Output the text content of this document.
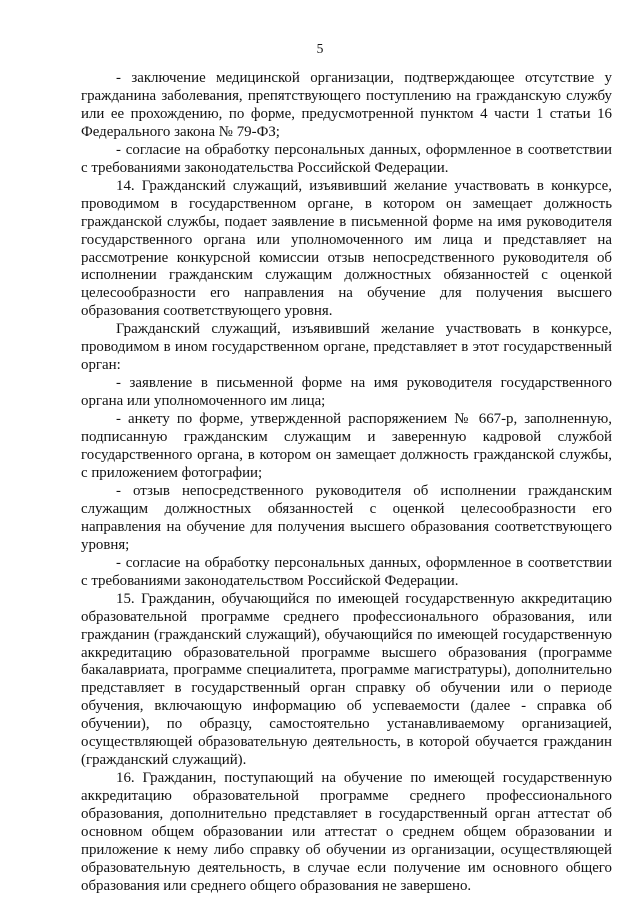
5

- заключение медицинской организации, подтверждающее отсутствие у гражданина заболевания, препятствующего поступлению на гражданскую службу или ее прохождению, по форме, предусмотренной пунктом 4 части 1 статьи 16 Федерального закона № 79-ФЗ;

- согласие на обработку персональных данных, оформленное в соответствии с требованиями законодательства Российской Федерации.

14. Гражданский служащий, изъявивший желание участвовать в конкурсе, проводимом в государственном органе, в котором он замещает должность гражданской службы, подает заявление в письменной форме на имя руководителя государственного органа или уполномоченного им лица и представляет на рассмотрение конкурсной комиссии отзыв непосредственного руководителя об исполнении гражданским служащим должностных обязанностей с оценкой целесообразности его направления на обучение для получения высшего образования соответствующего уровня.

Гражданский служащий, изъявивший желание участвовать в конкурсе, проводимом в ином государственном органе, представляет в этот государственный орган:

- заявление в письменной форме на имя руководителя государственного органа или уполномоченного им лица;

- анкету по форме, утвержденной распоряжением № 667-р, заполненную, подписанную гражданским служащим и заверенную кадровой службой государственного органа, в котором он замещает должность гражданской службы, с приложением фотографии;

- отзыв непосредственного руководителя об исполнении гражданским служащим должностных обязанностей с оценкой целесообразности его направления на обучение для получения высшего образования соответствующего уровня;

- согласие на обработку персональных данных, оформленное в соответствии с требованиями законодательством Российской Федерации.

15. Гражданин, обучающийся по имеющей государственную аккредитацию образовательной программе среднего профессионального образования, или гражданин (гражданский служащий), обучающийся по имеющей государственную аккредитацию образовательной программе высшего образования (программе бакалавриата, программе специалитета, программе магистратуры), дополнительно представляет в государственный орган справку об обучении или о периоде обучения, включающую информацию об успеваемости (далее - справка об обучении), по образцу, самостоятельно устанавливаемому организацией, осуществляющей образовательную деятельность, в которой обучается гражданин (гражданский служащий).

16. Гражданин, поступающий на обучение по имеющей государственную аккредитацию образовательной программе среднего профессионального образования, дополнительно представляет в государственный орган аттестат об основном общем образовании или аттестат о среднем общем образовании и приложение к нему либо справку об обучении из организации, осуществляющей образовательную деятельность, в случае если получение им основного общего образования или среднего общего образования не завершено.
